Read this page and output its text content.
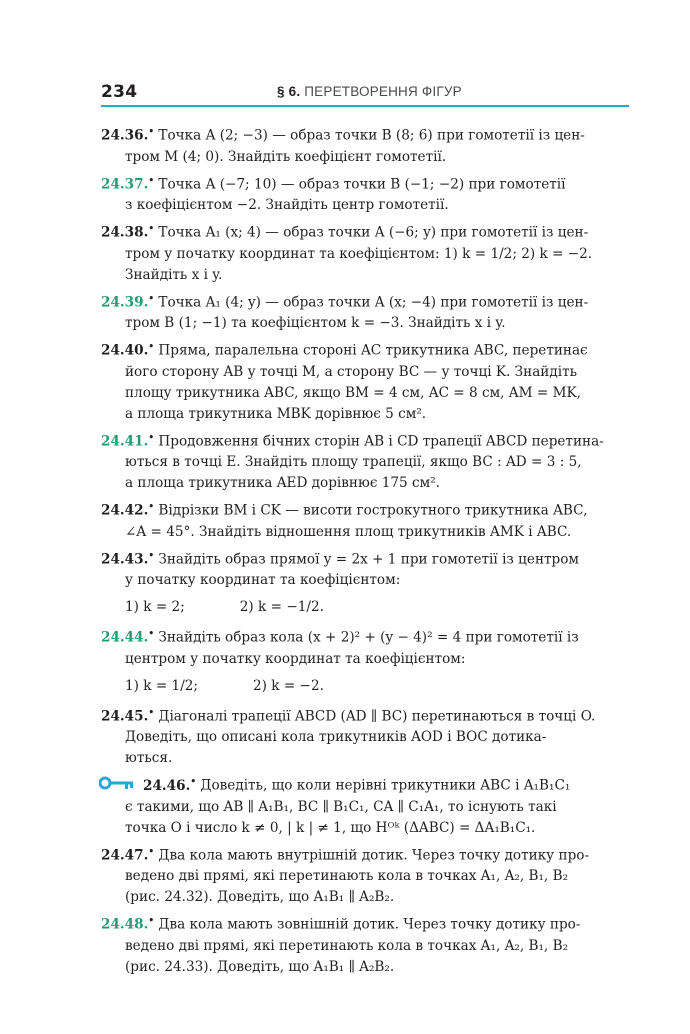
234	§ 6. ПЕРЕТВОРЕННЯ ФІГУР
24.36.• Точка A (2; −3) — образ точки B (8; 6) при гомотетії із цен-
тром M (4; 0). Знайдіть коефіцієнт гомотетії.
24.37.• Точка A (−7; 10) — образ точки B (−1; −2) при гомотетії
з коефіцієнтом −2. Знайдіть центр гомотетії.
24.38.• Точка A₁ (x; 4) — образ точки A (−6; y) при гомотетії із цен-
тром у початку координат та коефіцієнтом: 1) k = 1/2; 2) k = −2.
Знайдіть x і y.
24.39.• Точка A₁ (4; y) — образ точки A (x; −4) при гомотетії із цен-
тром B (1; −1) та коефіцієнтом k = −3. Знайдіть x і y.
24.40.• Пряма, паралельна стороні AC трикутника ABC, перетинає
його сторону AB у точці M, а сторону BC — у точці K. Знайдіть
площу трикутника ABC, якщо BM = 4 см, AC = 8 см, AM = MK,
а площа трикутника MBK дорівнює 5 см².
24.41.• Продовження бічних сторін AB і CD трапеції ABCD перетина-
ються в точці E. Знайдіть площу трапеції, якщо BC : AD = 3 : 5,
а площа трикутника AED дорівнює 175 см².
24.42.• Відрізки BM і CK — висоти гострокутного трикутника ABC,
∠A = 45°. Знайдіть відношення площ трикутників AMK і ABC.
24.43.• Знайдіть образ прямої y = 2x + 1 при гомотетії із центром
у початку координат та коефіцієнтом:
1) k = 2;	2) k = −1/2.
24.44.• Знайдіть образ кола (x + 2)² + (y − 4)² = 4 при гомотетії із
центром у початку координат та коефіцієнтом:
1) k = 1/2;	2) k = −2.
24.45.• Діагоналі трапеції ABCD (AD ∥ BC) перетинаються в точці O.
Доведіть, що описані кола трикутників AOD і BOC дотика-
ються.
24.46.• Доведіть, що коли нерівні трикутники ABC і A₁B₁C₁
є такими, що AB ∥ A₁B₁, BC ∥ B₁C₁, CA ∥ C₁A₁, то існують такі
точка O і число k ≠ 0, | k | ≠ 1, що Hᴼᵏ (ΔABC) = ΔA₁B₁C₁.
24.47.• Два кола мають внутрішній дотик. Через точку дотику про-
ведено дві прямі, які перетинають кола в точках A₁, A₂, B₁, B₂
(рис. 24.32). Доведіть, що A₁B₁ ∥ A₂B₂.
24.48.• Два кола мають зовнішній дотик. Через точку дотику про-
ведено дві прямі, які перетинають кола в точках A₁, A₂, B₁, B₂
(рис. 24.33). Доведіть, що A₁B₁ ∥ A₂B₂.
